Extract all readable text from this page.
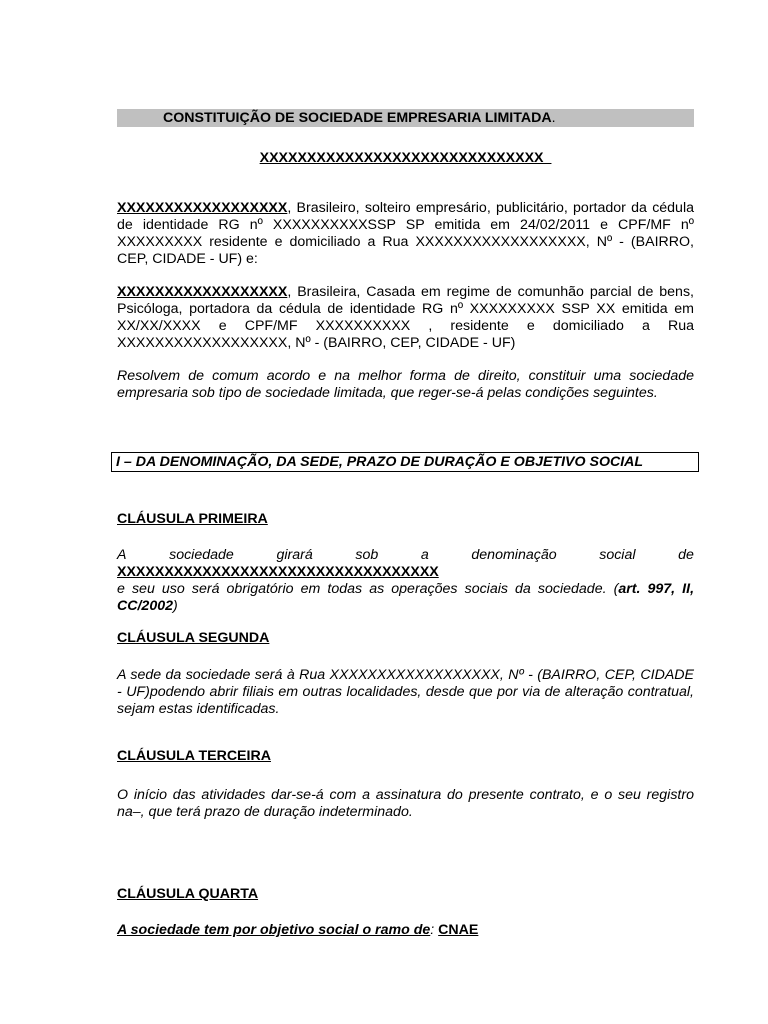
CONSTITUIÇÃO DE SOCIEDADE EMPRESARIA LIMITADA.
XXXXXXXXXXXXXXXXXXXXXXXXXXXXXX_

XXXXXXXXXXXXXXXXXX, Brasileiro, solteiro empresário, publicitário, portador da cédula de identidade RG nº XXXXXXXXXXSSP SP emitida em 24/02/2011 e CPF/MF nº XXXXXXXXX residente e domiciliado a Rua XXXXXXXXXXXXXXXXXX, Nº - (BAIRRO, CEP, CIDADE - UF) e:

XXXXXXXXXXXXXXXXXX, Brasileira, Casada em regime de comunhão parcial de bens, Psicóloga, portadora da cédula de identidade RG nº XXXXXXXXX SSP XX emitida em XX/XX/XXXX e CPF/MF XXXXXXXXXX , residente e domiciliado a Rua XXXXXXXXXXXXXXXXXX, Nº - (BAIRRO, CEP, CIDADE - UF)

Resolvem de comum acordo e na melhor forma de direito, constituir uma sociedade empresaria sob tipo de sociedade limitada, que reger-se-á pelas condições seguintes.

I – DA DENOMINAÇÃO, DA SEDE, PRAZO DE DURAÇÃO E OBJETIVO SOCIAL
CLÁUSULA PRIMEIRA
A	sociedade	girará	sob	a	denominação	social	de

XXXXXXXXXXXXXXXXXXXXXXXXXXXXXXXXXX

e seu uso será obrigatório em todas as operações sociais da sociedade. (art. 997, II, CC/2002)

CLÁUSULA SEGUNDA

A sede da sociedade será à Rua XXXXXXXXXXXXXXXXXX, Nº - (BAIRRO, CEP, CIDADE - UF)podendo abrir filiais em outras localidades, desde que por via de alteração contratual, sejam estas identificadas.

CLÁUSULA TERCEIRA

O início das atividades dar-se-á com a assinatura do presente contrato, e o seu registro na–, que terá prazo de duração indeterminado.

CLÁUSULA QUARTA

A sociedade tem por objetivo social o ramo de: CNAE
